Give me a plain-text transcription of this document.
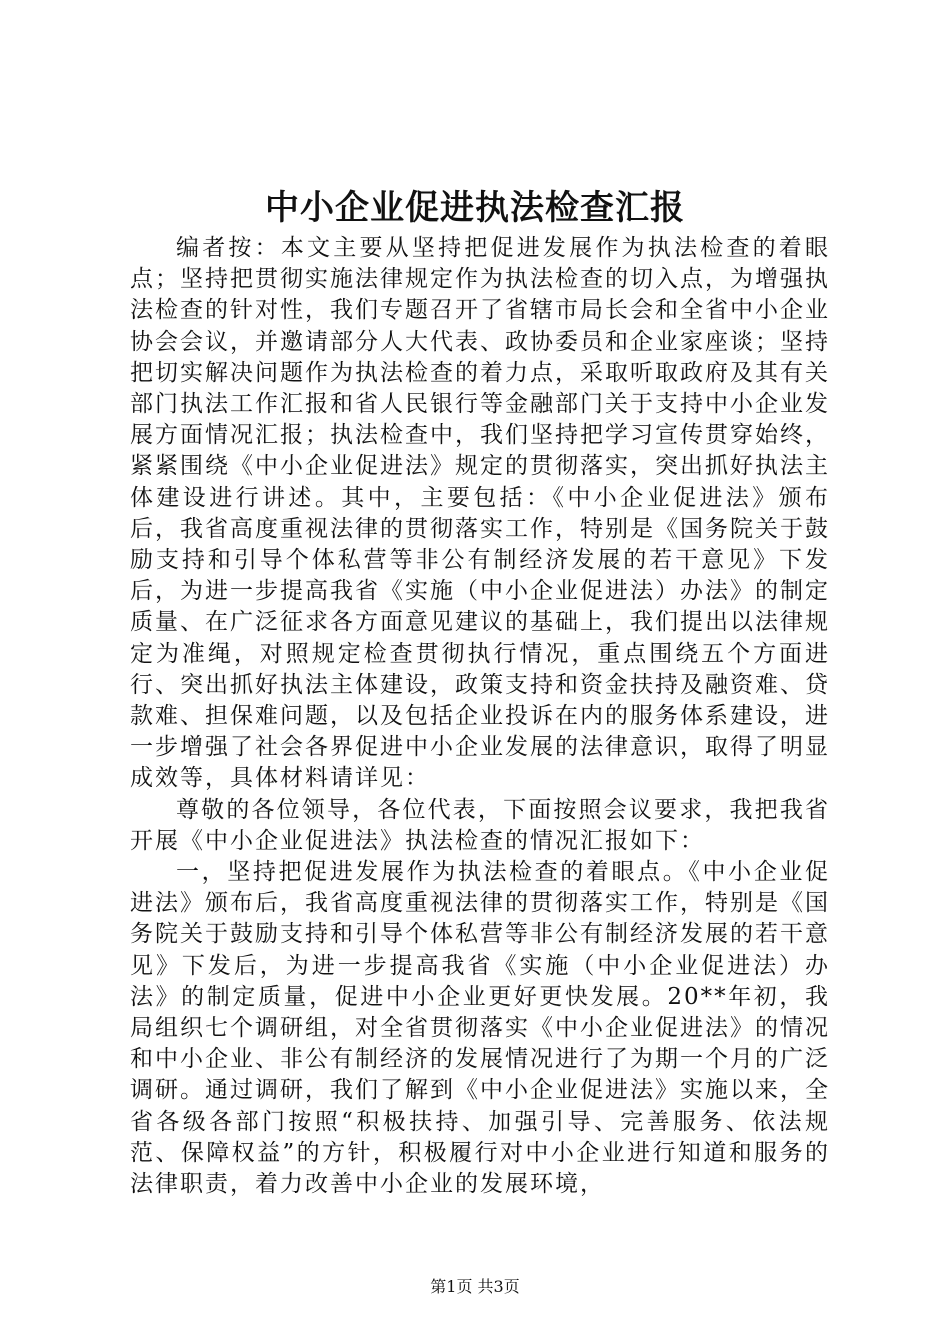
中小企业促进执法检查汇报

编者按：本文主要从坚持把促进发展作为执法检查的着眼点；坚持把贯彻实施法律规定作为执法检查的切入点，为增强执法检查的针对性，我们专题召开了省辖市局长会和全省中小企业协会会议，并邀请部分人大代表、政协委员和企业家座谈；坚持把切实解决问题作为执法检查的着力点，采取听取政府及其有关部门执法工作汇报和省人民银行等金融部门关于支持中小企业发展方面情况汇报；执法检查中，我们坚持把学习宣传贯穿始终，紧紧围绕《中小企业促进法》规定的贯彻落实，突出抓好执法主体建设进行讲述。其中，主要包括：《中小企业促进法》颁布后，我省高度重视法律的贯彻落实工作，特别是《国务院关于鼓励支持和引导个体私营等非公有制经济发展的若干意见》下发后，为进一步提高我省《实施（中小企业促进法）办法》的制定质量、在广泛征求各方面意见建议的基础上，我们提出以法律规定为准绳，对照规定检查贯彻执行情况，重点围绕五个方面进行、突出抓好执法主体建设，政策支持和资金扶持及融资难、贷款难、担保难问题，以及包括企业投诉在内的服务体系建设，进一步增强了社会各界促进中小企业发展的法律意识，取得了明显成效等，具体材料请详见：

尊敬的各位领导，各位代表，下面按照会议要求，我把我省开展《中小企业促进法》执法检查的情况汇报如下：

一，坚持把促进发展作为执法检查的着眼点。《中小企业促进法》颁布后，我省高度重视法律的贯彻落实工作，特别是《国务院关于鼓励支持和引导个体私营等非公有制经济发展的若干意见》下发后，为进一步提高我省《实施（中小企业促进法）办法》的制定质量，促进中小企业更好更快发展。20**年初，我局组织七个调研组，对全省贯彻落实《中小企业促进法》的情况和中小企业、非公有制经济的发展情况进行了为期一个月的广泛调研。通过调研，我们了解到《中小企业促进法》实施以来，全省各级各部门按照“积极扶持、加强引导、完善服务、依法规范、保障权益”的方针，积极履行对中小企业进行知道和服务的法律职责，着力改善中小企业的发展环境，

第1页 共3页
